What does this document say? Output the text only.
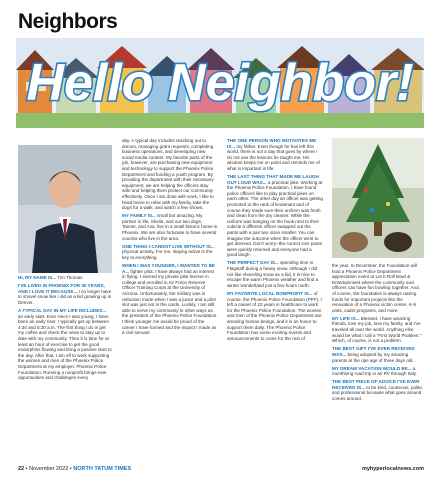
Neighbors
Hello Neighbor!

HI, MY NAME IS... Tim Thomas

I'VE LIVED IN PHOENIX FOR 30 YEARS, AND I LOVE IT BECAUSE... I no longer have to shovel snow like I did as a kid growing up in Denver.

A TYPICAL DAY IN MY LIFE INCLUDES... an early start. Ever since I was young, I have been an early riser. I typically get up between 4:30 and 5:30 a.m. The first thing I do is get my coffee and check the news to stay up to date with my community. Then it is time for at least an hour of exercise to get the good endorphins flowing and bring a positive start to the day. After that, I am off to work supporting the women and men of the Phoenix Police Department at my employer, Phoenix Police Foundation. Running a nonprofit brings new opportunities and challenges every

day. A typical day includes reaching out to donors, managing grant requests, completing business operations, and developing new social media content. My favorite parts of the job, however, are purchasing new equipment and technology to support the Phoenix Police Department and funding a youth program. By providing the department with their necessary equipment, we are helping the officers stay safe and helping them protect our community effectively. Once I am done with work, I like to head home to relax with my family, take the dogs for a walk, and watch a few shows.

MY FAMILY IS... small but amazing. My partner in life, Sheila, and our two dogs, Tanner, and Ava, live in a small historic home in Phoenix. We are also fortunate to have several cousins who live in the area.

ONE THING I CANNOT LIVE WITHOUT IS... physical activity. For me, staying active is the key to everything.

WHEN I WAS YOUNGER, I WANTED TO BE A... fighter pilot. I have always had an interest in flying. I earned my private pilot license in college and enrolled in Air Force Reserve Officer Training Corps at the University of Arizona. Unfortunately, the military was in reduction mode when I was a junior and a pilot slot was just not in the cards. Luckily, I am still able to serve my community in other ways as the president of the Phoenix Police Foundation. I think younger me would be proud of the career I have formed and the impact I made as a civil servant.

THE ONE PERSON WHO MOTIVATES ME IS... my father. Even though he has left this world, there is not a day that goes by where I do not use the lessons he taught me. His wisdom keeps me on point and reminds me of what is important in life.

THE LAST THING THAT MADE ME LAUGH OUT LOUD WAS... a practical joke. Working at the Phoenix Police Foundation, I have found police officers like to play practical jokes on each other. The other day an officer was getting promoted to the rank of lieutenant and of course they made sure their uniform was fresh and clean from the dry cleaner. While the uniform was hanging on the hook next to their cubicle a different officer swapped out the pants with a pair two sizes smaller. You can imagine the outcome when the officer went to get dressed. Don't worry–the correct size pants were quickly returned and everyone had a good laugh.

THE PERFECT DAY IS... spending time in Flagstaff during a heavy snow. Although I did not like shoveling snow as a kid, it is nice to escape the warm Phoenix weather and find a winter wonderland just a few hours north.

MY FAVORITE LOCAL NONPROFIT IS... of course, the Phoenix Police Foundation (PPF). I left a career of 22 years in healthcare to work for the Phoenix Police Foundation. The women and men of the Phoenix Police Department are amazing human beings, and it is an honor to support them daily. The Phoenix Police Foundation has some exciting events and announcements to come for the rest of

the year. In December, the Foundation will host a Phoenix Police Department appreciation event at Let It Roll Bowl & Entertainment where the community and officers can have fun bowling together. And, of course, the foundation is always raising funds for important projects like the renovation of a Phoenix victim center, K-9 units, cadet programs, and more.

MY LIFE IS... Blessed. I have amazing friends, love my job, love my family, and I've traveled all over the world. Anything else would be what I call a "First World Problem." Which, of course, is not a problem.

THE BEST GIFT I'VE EVER RECEIVED WAS... being adopted by my amazing parents at the ripe age of three days old.

MY DREAM VACATION WOULD BE... a monthlong road trip in an RV through Italy.

THE BEST PIECE OF ADVICE I'VE EVER RECEIVED IS... to be kind, courteous, polite, and professional because what goes around comes around.

22 • November 2022 • NORTH TATUM TIMES	myhyperlocalnews.com
